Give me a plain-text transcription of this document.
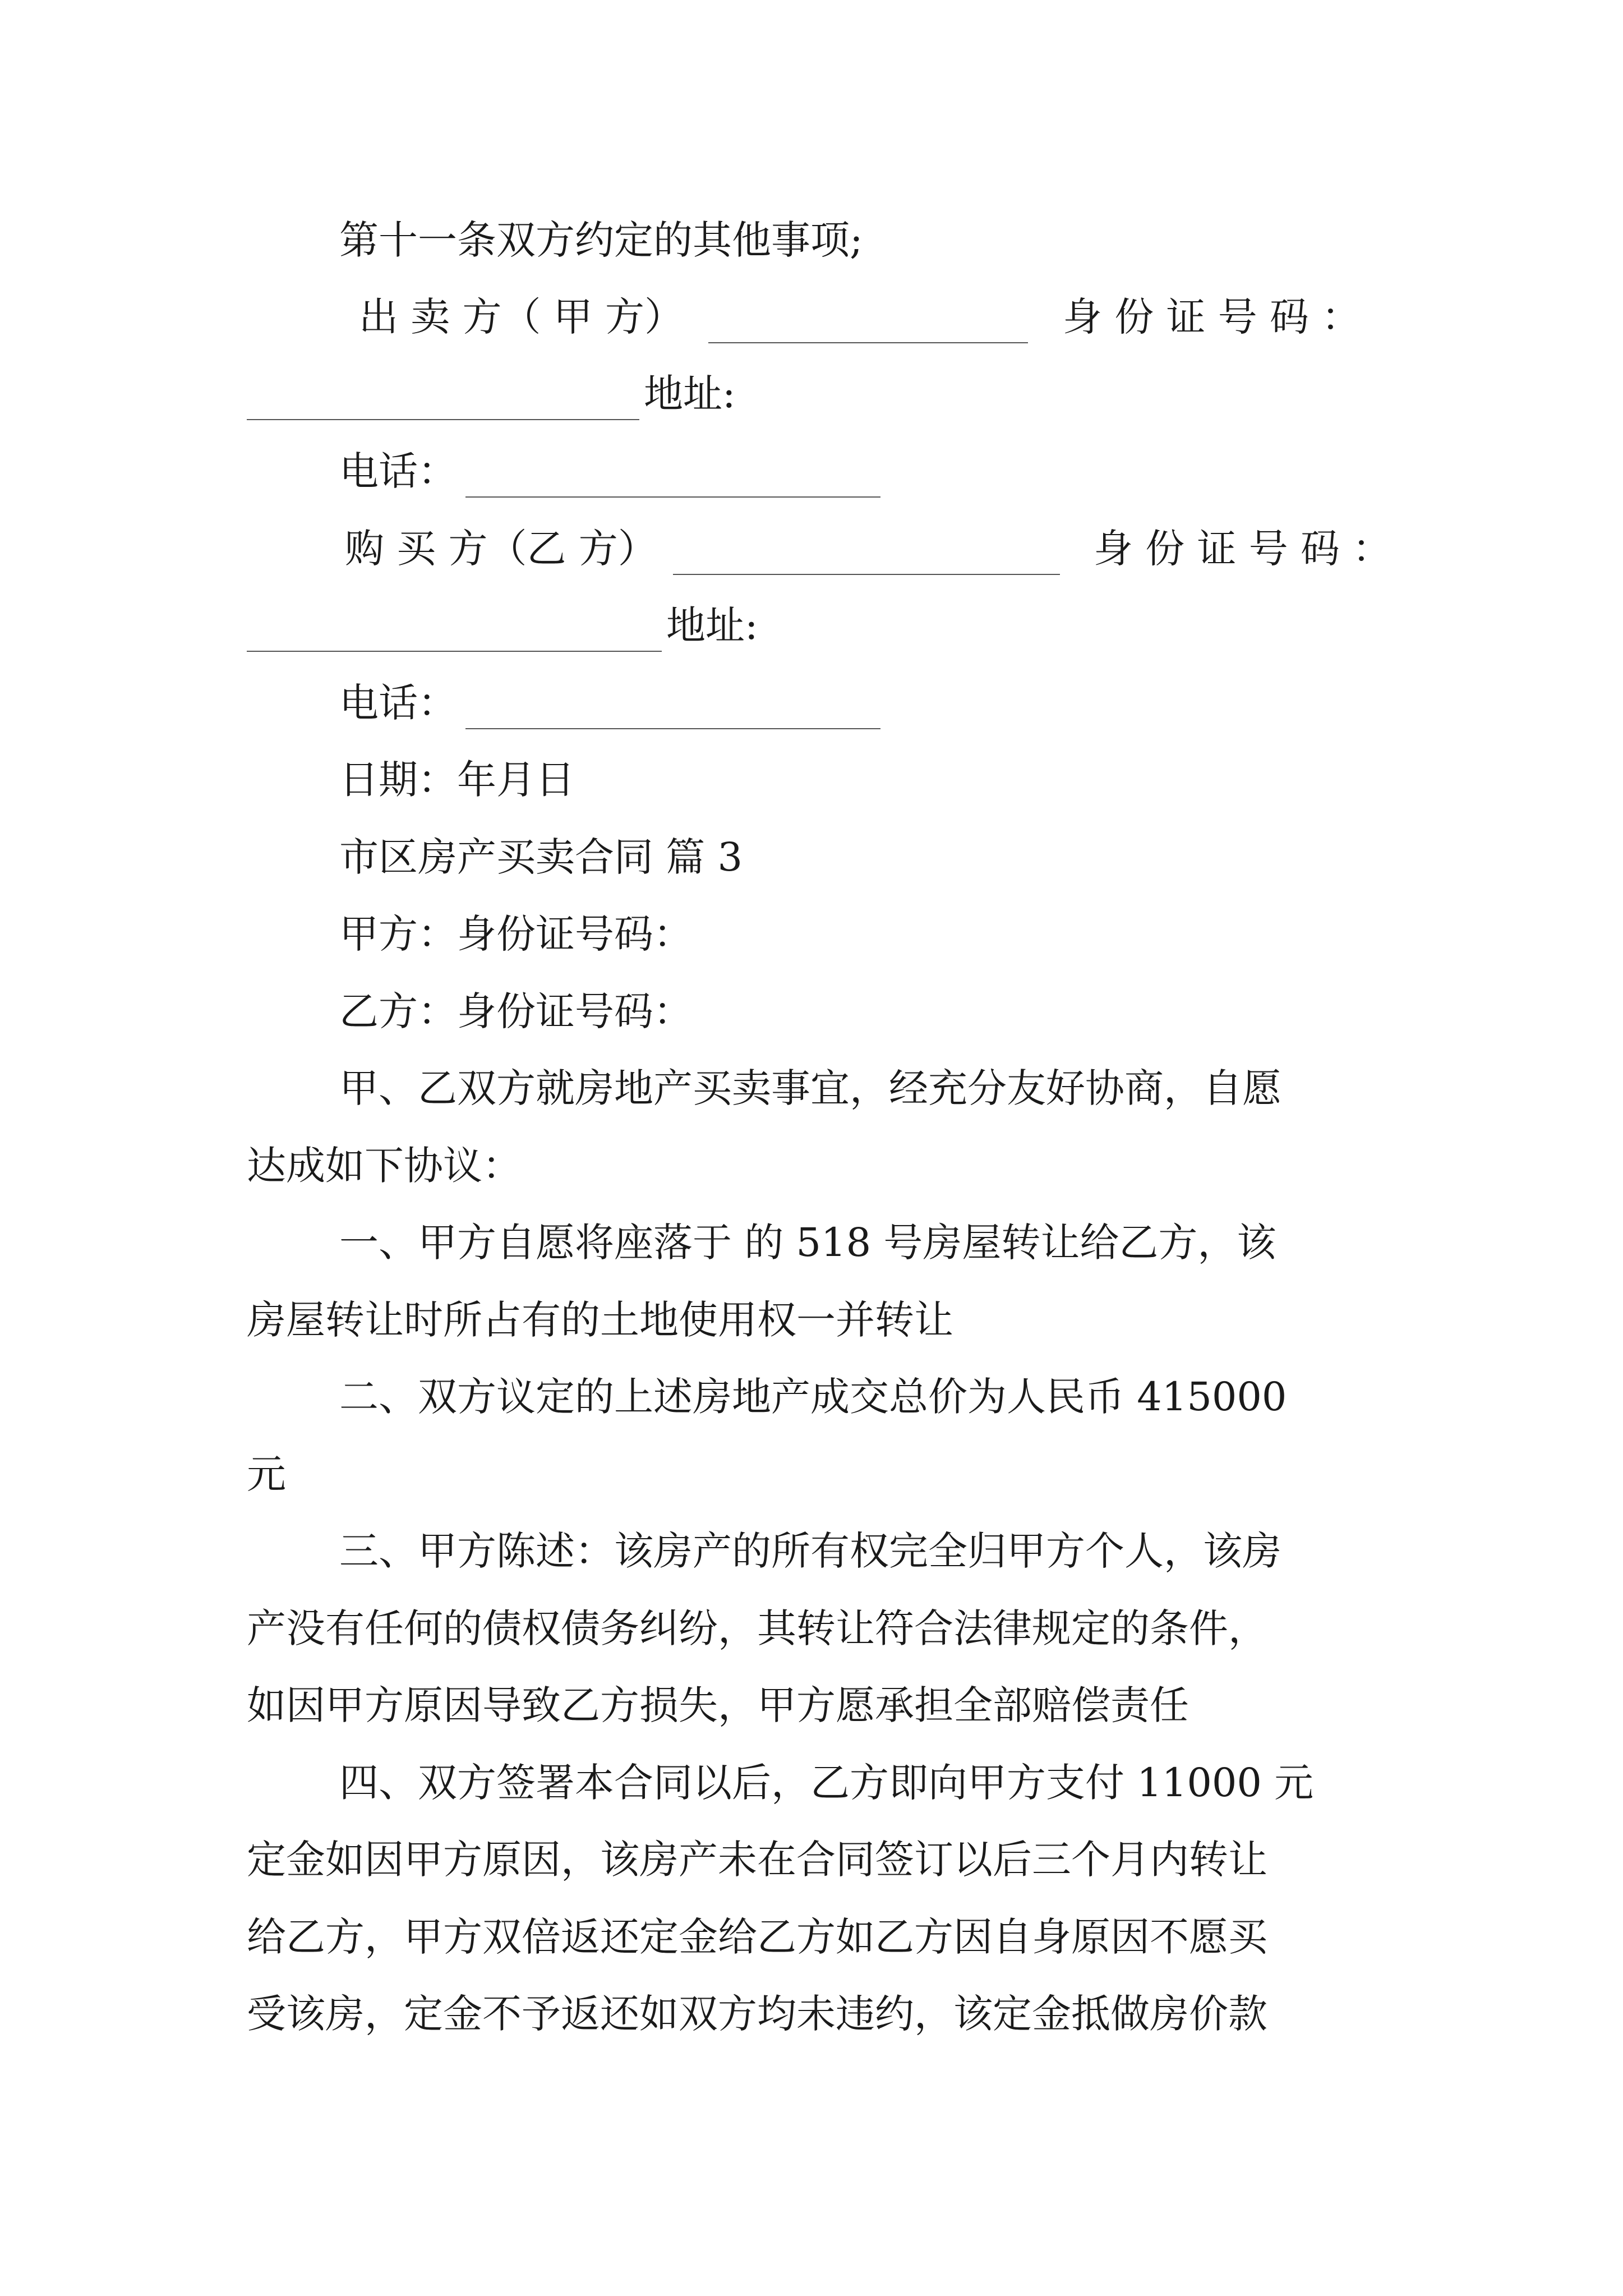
第十一条双方约定的其他事项;
出 卖 方（ 甲 方）	身 份 证 号 码 ：
地址:
电话：
购 买 方（乙 方）	身 份 证 号 码 ：
地址:
电话：
日期：年月日
市区房产买卖合同 篇 3
甲方：身份证号码：
乙方：身份证号码：
甲、乙双方就房地产买卖事宜，经充分友好协商，自愿
达成如下协议：
一、甲方自愿将座落于 的 518 号房屋转让给乙方，该
房屋转让时所占有的土地使用权一并转让
二、双方议定的上述房地产成交总价为人民币 415000
元
三、甲方陈述：该房产的所有权完全归甲方个人，该房
产没有任何的债权债务纠纷，其转让符合法律规定的条件，
如因甲方原因导致乙方损失，甲方愿承担全部赔偿责任
四、双方签署本合同以后，乙方即向甲方支付 11000 元
定金如因甲方原因，该房产未在合同签订以后三个月内转让
给乙方，甲方双倍返还定金给乙方如乙方因自身原因不愿买
受该房，定金不予返还如双方均未违约，该定金抵做房价款
